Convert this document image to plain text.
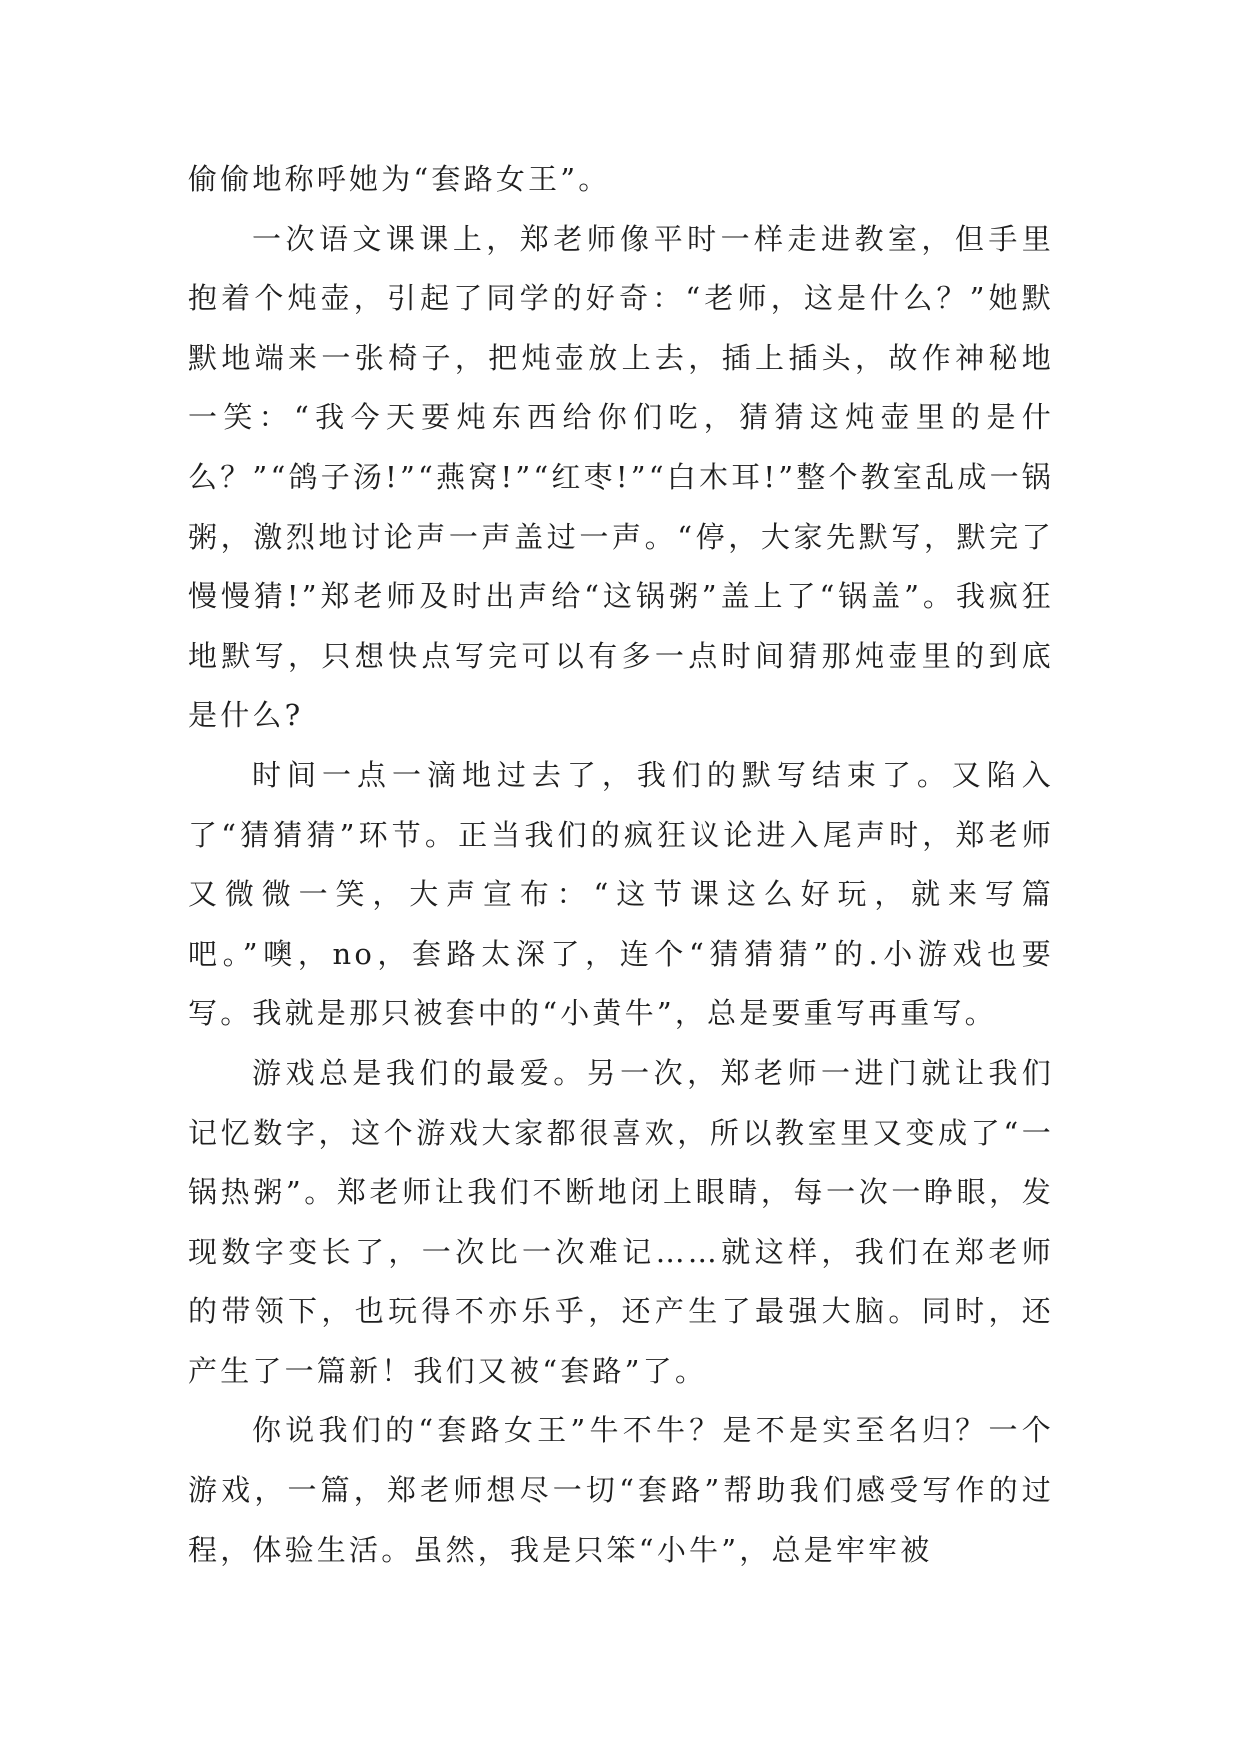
偷偷地称呼她为“套路女王”。

一次语文课课上，郑老师像平时一样走进教室，但手里抱着个炖壶，引起了同学的好奇：“老师，这是什么？”她默默地端来一张椅子，把炖壶放上去，插上插头，故作神秘地一笑：“我今天要炖东西给你们吃，猜猜这炖壶里的是什么？”“鸽子汤!”“燕窝!”“红枣!”“白木耳!”整个教室乱成一锅粥，激烈地讨论声一声盖过一声。“停，大家先默写，默完了慢慢猜!”郑老师及时出声给“这锅粥”盖上了“锅盖”。我疯狂地默写，只想快点写完可以有多一点时间猜那炖壶里的到底是什么?

时间一点一滴地过去了，我们的默写结束了。又陷入了“猜猜猜”环节。正当我们的疯狂议论进入尾声时，郑老师又微微一笑，大声宣布：“这节课这么好玩，就来写篇吧。”噢，no，套路太深了，连个“猜猜猜”的.小游戏也要写。我就是那只被套中的“小黄牛”，总是要重写再重写。

游戏总是我们的最爱。另一次，郑老师一进门就让我们记忆数字，这个游戏大家都很喜欢，所以教室里又变成了“一锅热粥”。郑老师让我们不断地闭上眼睛，每一次一睁眼，发现数字变长了，一次比一次难记……就这样，我们在郑老师的带领下，也玩得不亦乐乎，还产生了最强大脑。同时，还产生了一篇新！我们又被“套路”了。

你说我们的“套路女王”牛不牛？是不是实至名归？一个游戏，一篇，郑老师想尽一切“套路”帮助我们感受写作的过程，体验生活。虽然，我是只笨“小牛”，总是牢牢被
